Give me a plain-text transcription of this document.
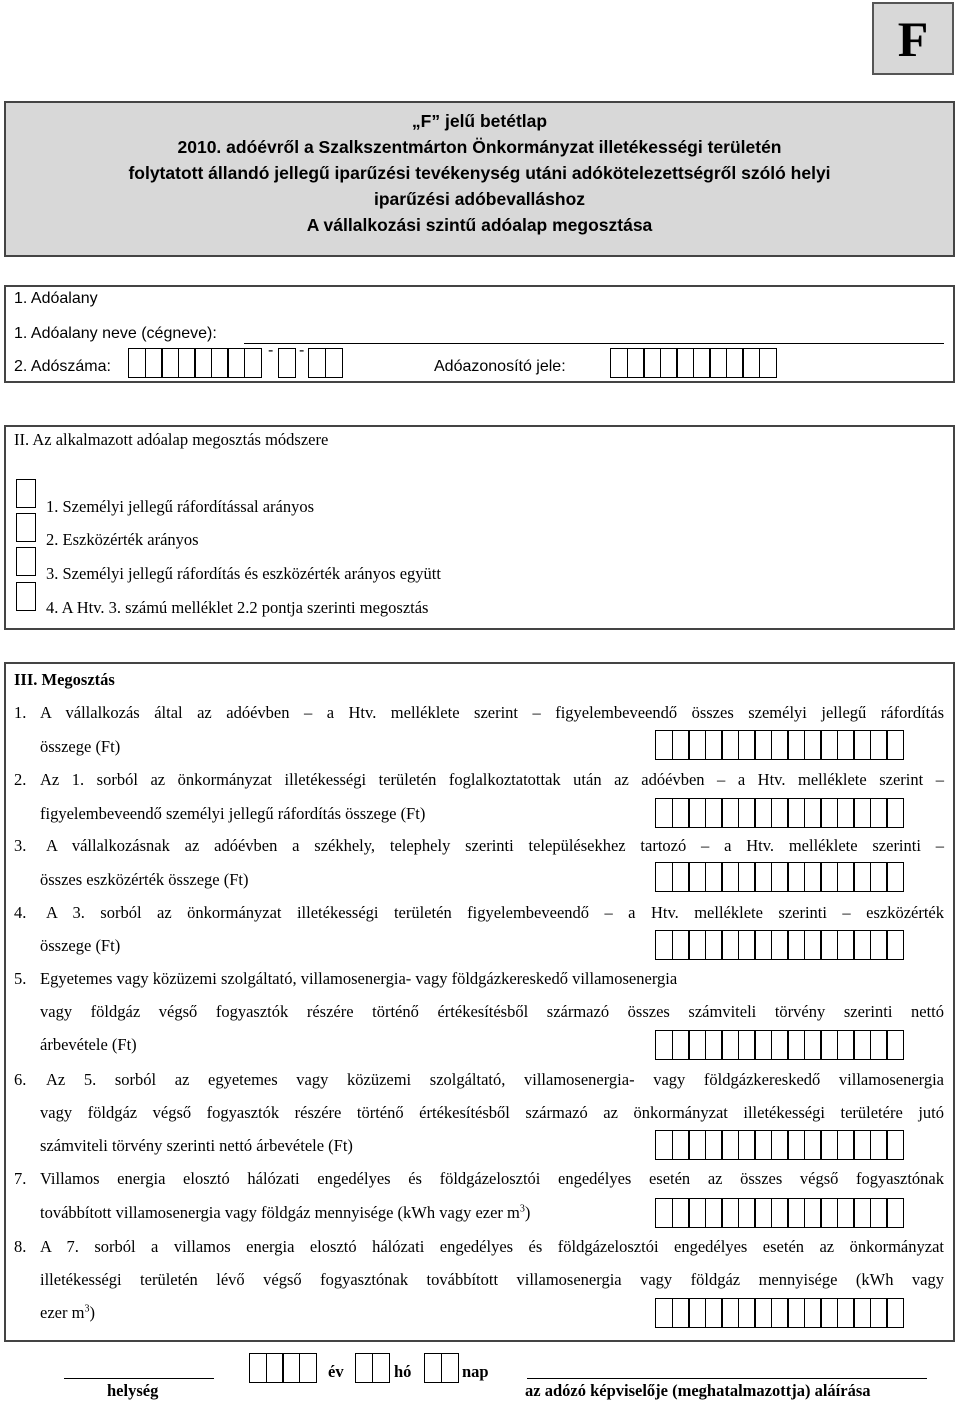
F
„F” jelű betétlap
2010. adóévről a Szalkszentmárton Önkormányzat illetékességi területén
folytatott állandó jellegű iparűzési tevékenység utáni adókötelezettségről szóló helyi
iparűzési adóbevalláshoz
A vállalkozási szintű adóalap megosztása
1. Adóalany
1. Adóalany neve (cégneve):
2. Adószáma:
- -
Adóazonosító jele:
II. Az alkalmazott adóalap megosztás módszere
1. Személyi jellegű ráfordítással arányos
2. Eszközérték arányos
3. Személyi jellegű ráfordítás és eszközérték arányos együtt
4. A Htv. 3. számú melléklet 2.2 pontja szerinti megosztás
III. Megosztás
1. A vállalkozás által az adóévben – a Htv. melléklete szerint – figyelembeveendő összes személyi jellegű ráfordítás
összege (Ft)
2. Az 1. sorból az önkormányzat illetékességi területén foglalkoztatottak után az adóévben – a Htv. melléklete szerint –
figyelembeveendő személyi jellegű ráfordítás összege (Ft)
3. A vállalkozásnak az adóévben a székhely, telephely szerinti településekhez tartozó – a Htv. melléklete szerinti –
összes eszközérték összege (Ft)
4. A 3. sorból az önkormányzat illetékességi területén figyelembeveendő – a Htv. melléklete szerinti – eszközérték
összege (Ft)
5. Egyetemes vagy közüzemi szolgáltató, villamosenergia- vagy földgázkereskedő villamosenergia
vagy földgáz végső fogyasztók részére történő értékesítésből származó összes számviteli törvény szerinti nettó
árbevétele (Ft)
6. Az 5. sorból az egyetemes vagy közüzemi szolgáltató, villamosenergia- vagy földgázkereskedő villamosenergia
vagy földgáz végső fogyasztók részére történő értékesítésből származó az önkormányzat illetékességi területére jutó
számviteli törvény szerinti nettó árbevétele (Ft)
7. Villamos energia elosztó hálózati engedélyes és földgázelosztói engedélyes esetén az összes végső fogyasztónak
továbbított villamosenergia vagy földgáz mennyisége (kWh vagy ezer $m^3$)
8. A 7. sorból a villamos energia elosztó hálózati engedélyes és földgázelosztói engedélyes esetén az önkormányzat
illetékességi területén lévő végső fogyasztónak továbbított villamosenergia vagy földgáz mennyisége (kWh vagy
ezer $m^3$)
helység
év	hó	nap
az adózó képviselője (meghatalmazottja) aláírása
